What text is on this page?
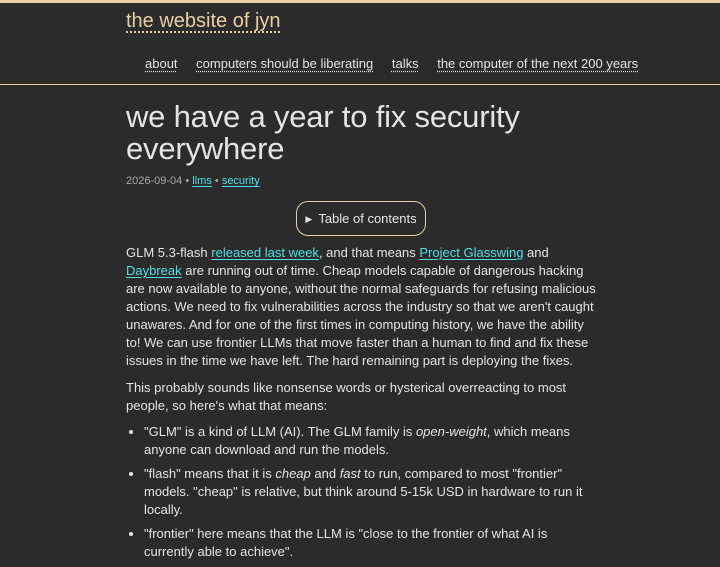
the website of jyn
about computers should be liberating talks the computer of the next 200 years
we have a year to fix security everywhere
2026-09-04 • llms • security
▶ Table of contents

GLM 5.3-flash released last week, and that means Project Glasswing and Daybreak are running out of time. Cheap models capable of dangerous hacking are now available to anyone, without the normal safeguards for refusing malicious actions. We need to fix vulnerabilities across the industry so that we aren't caught unawares. And for one of the first times in computing history, we have the ability to! We can use frontier LLMs that move faster than a human to find and fix these issues in the time we have left. The hard remaining part is deploying the fixes.

This probably sounds like nonsense words or hysterical overreacting to most people, so here's what that means:

• "GLM" is a kind of LLM (AI). The GLM family is open-weight, which means anyone can download and run the models.
• "flash" means that it is cheap and fast to run, compared to most "frontier" models. "cheap" is relative, but think around 5-15k USD in hardware to run it locally.
• "frontier" here means that the LLM is "close to the frontier of what AI is currently able to achieve".
